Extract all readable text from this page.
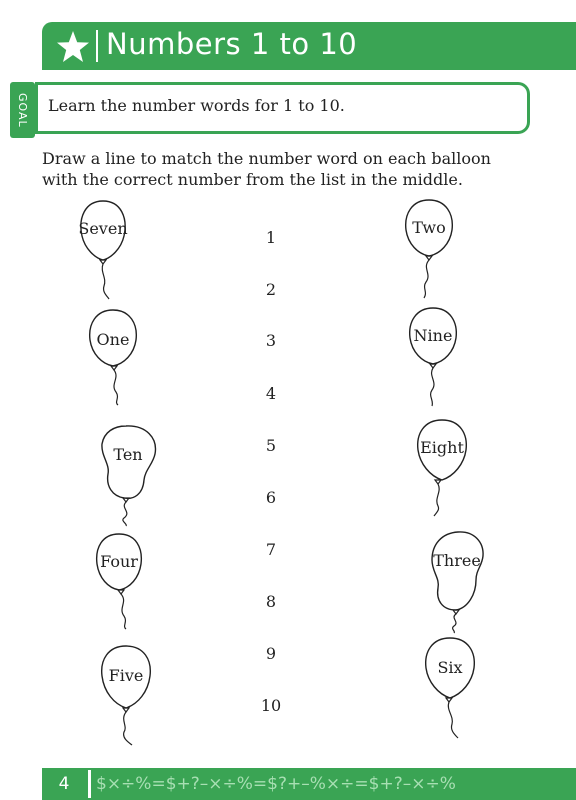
Numbers 1 to 10
GOAL Learn the number words for 1 to 10.
Draw a line to match the number word on each balloon with the correct number from the list in the middle.
Seven
One
Ten
Four
Five
1
2
3
4
5
6
7
8
9
10
Two
Nine
Eight
Three
Six
4	$×÷%=$+?–×÷%=$?+–%×÷=$+?–×÷%
